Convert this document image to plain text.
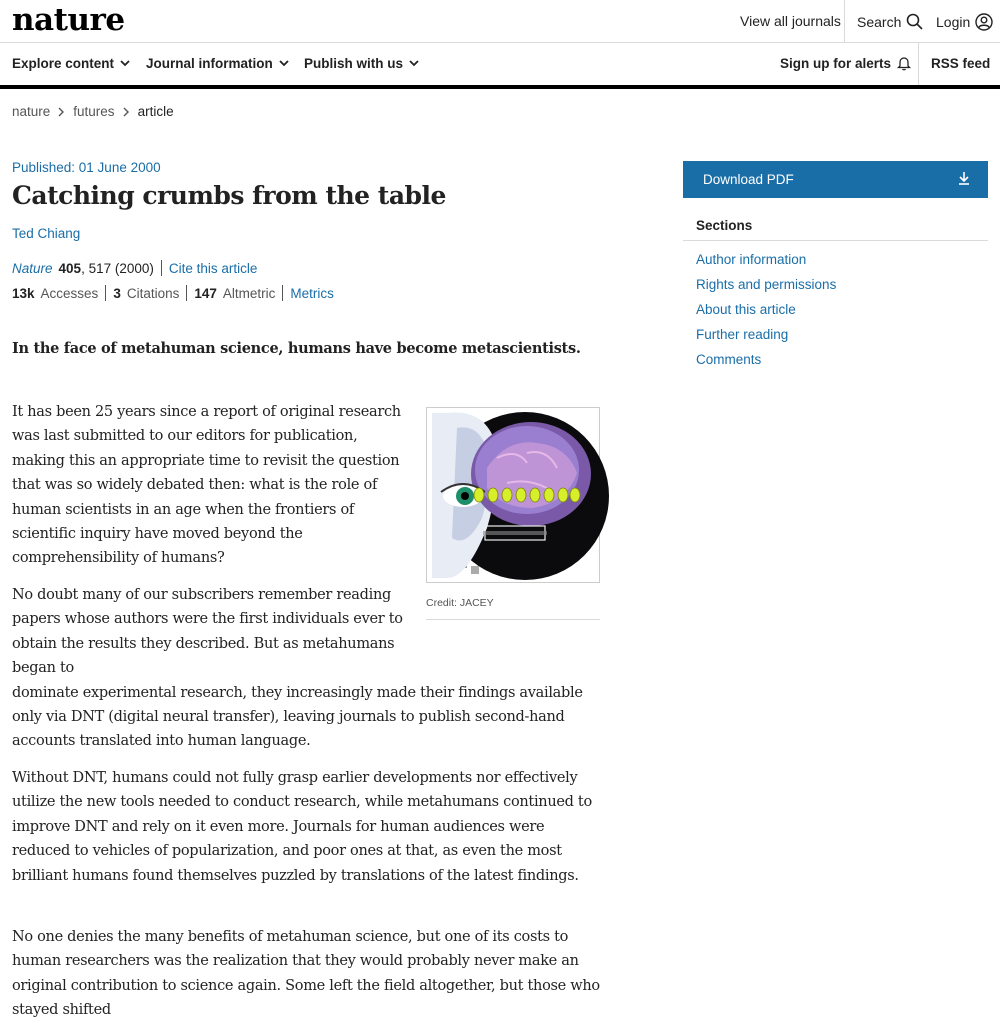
nature	View all journals Search Login
Explore content Journal information Publish with us	Sign up for alerts	RSS feed
nature futures article
Published: 01 June 2000
Catching crumbs from the table
Ted Chiang
Nature 405 , 517 (2000) Cite this article
13k Accesses 3 Citations 147 Altmetric Metrics

In the face of metahuman science, humans have become metascientists.

It has been 25 years since a report of original research was last submitted to our editors for publication, making this an appropriate time to revisit the question that was so widely debated then: what is the role of human scientists in an age when the frontiers of scientific inquiry have moved beyond the comprehensibility of humans?

Credit: JACEY

No doubt many of our subscribers remember reading papers whose authors were the first individuals ever to obtain the results they described. But as metahumans began to
dominate experimental research, they increasingly made their findings available only via DNT (digital neural transfer), leaving journals to publish second-hand accounts translated into human language.

Without DNT, humans could not fully grasp earlier developments nor effectively utilize the new tools needed to conduct research, while metahumans continued to improve DNT and rely on it even more. Journals for human audiences were reduced to vehicles of popularization, and poor ones at that, as even the most brilliant humans found themselves puzzled by translations of the latest findings.

No one denies the many benefits of metahuman science, but one of its costs to human researchers was the realization that they would probably never make an original contribution to science again. Some left the field altogether, but those who stayed shifted

Download PDF
Sections
Author information
Rights and permissions
About this article
Further reading
Comments
